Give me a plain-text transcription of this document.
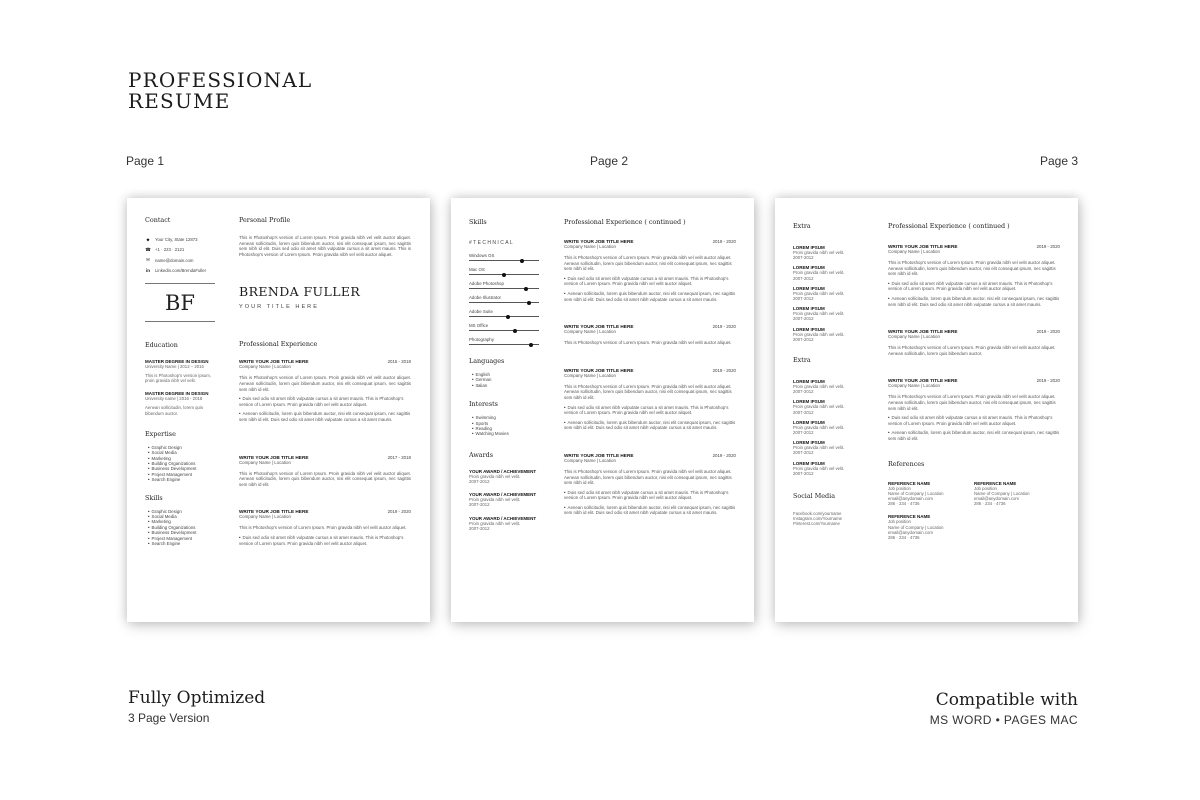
PROFESSIONAL
RESUME
Page 1	Page 2	Page 3
Fully Optimized
3 Page Version
Compatible with
MS WORD • PAGES MAC
Contact
⬥	Your City, State 12873
☎ +1 · 223 · 2121
✉ name@domain.com
in Linkedin.com/BrendaFuller
BF
Education
MASTER DEGREE IN DESIGN
University Name | 2012 – 2016
This is Photoshop's version ipsum, proin gravida nibh vel velit.
MASTER DEGREE IN DESIGN
University name | 2016 - 2018
Aenean sollicitudin, lorem quis bibendum auctor.
Expertise
• Graphic Design
• Social Media
• Marketing
• Building Organizations
• Business Development
• Project Management
• Search Engine
Skills
• Graphic Design
• Social Media
• Marketing
• Building Organizations
• Business Development
• Project Management
• Search Engine
Personal Profile
This is Photoshop's version of Lorem Ipsum. Proin gravida nibh vel velit auctor aliquet. Aenean sollicitudin, lorem quis bibendum auctor, nisi elit consequat ipsum, nec sagittis sem nibh id elit. Duis sed odio sit amet nibh vulputate cursus a sit amet mauris. This is Photoshop's version of Lorem Ipsum. Proin gravida nibh vel velit auctor aliquet.
BRENDA FULLER
YOUR TITLE HERE
Professional Experience
WRITE YOUR JOB TITLE HERE
Company Name | Location
2015 - 2018
This is Photoshop's version of Lorem Ipsum. Proin gravida nibh vel velit auctor aliquet. Aenean sollicitudin, lorem quis bibendum auctor, nisi elit consequat ipsum, nec sagittis sem nibh id elit.
• Duis sed odio sit amet nibh vulputate cursus a sit amet mauris. This is Photoshop's version of Lorem Ipsum. Proin gravida nibh vel velit auctor aliquet.
• Aenean sollicitudin, lorem quis bibendum auctor, nisi elit consequat ipsum, nec sagittis sem nibh id elit. Duis sed odio sit amet nibh vulputate cursus a sit amet mauris.
WRITE YOUR JOB TITLE HERE
Company Name | Location
2017 - 2018
This is Photoshop's version of Lorem Ipsum. Proin gravida nibh vel velit auctor aliquet. Aenean sollicitudin, lorem quis bibendum auctor, nisi elit consequat ipsum, nec sagittis sem nibh id elit.
WRITE YOUR JOB TITLE HERE
Company Name | Location
2019 - 2020
This is Photoshop's version of Lorem Ipsum. Proin gravida nibh vel velit auctor aliquet.
• Duis sed odio sit amet nibh vulputate cursus a sit amet mauris. This is Photoshop's version of Lorem Ipsum. Proin gravida nibh vel velit auctor aliquet.
Skills
#TECHNICAL
Windows OS
Mac OS
Adobe Photoshop
Adobe Illustrator
Adobe Suite
MS Office
Photography
Languages
• English
• German
• Italian
Interests
• Swimming
• Sports
• Reading
• Watching Movies
Awards
YOUR AWARD / ACHIEVEMENT
Proin gravida nibh vel velit.
2007-2012
YOUR AWARD / ACHIEVEMENT
Proin gravida nibh vel velit.
2007-2012
YOUR AWARD / ACHIEVEMENT
Proin gravida nibh vel velit.
2007-2012
Professional Experience ( continued )
WRITE YOUR JOB TITLE HERE
Company Name | Location
2019 - 2020
This is Photoshop's version of Lorem Ipsum. Proin gravida nibh vel velit auctor aliquet. Aenean sollicitudin, lorem quis bibendum auctor, nisi elit consequat ipsum, nec sagittis sem nibh id elit.
• Duis sed odio sit amet nibh vulputate cursus a sit amet mauris. This is Photoshop's version of Lorem Ipsum. Proin gravida nibh vel velit auctor aliquet.
• Aenean sollicitudin, lorem quis bibendum auctor, nisi elit consequat ipsum, nec sagittis sem nibh id elit. Duis sed odio sit amet nibh vulputate cursus a sit amet mauris.
WRITE YOUR JOB TITLE HERE
Company Name | Location
2019 - 2020
This is Photoshop's version of Lorem Ipsum. Proin gravida nibh vel velit auctor aliquet.
WRITE YOUR JOB TITLE HERE
Company Name | Location
2019 - 2020
This is Photoshop's version of Lorem Ipsum. Proin gravida nibh vel velit auctor aliquet. Aenean sollicitudin, lorem quis bibendum auctor, nisi elit consequat ipsum, nec sagittis sem nibh id elit.
• Duis sed odio sit amet nibh vulputate cursus a sit amet mauris. This is Photoshop's version of Lorem Ipsum. Proin gravida nibh vel velit auctor aliquet.
• Aenean sollicitudin, lorem quis bibendum auctor, nisi elit consequat ipsum, nec sagittis sem nibh id elit. Duis sed odio sit amet nibh vulputate cursus a sit amet mauris.
WRITE YOUR JOB TITLE HERE
Company Name | Location
2019 - 2020
This is Photoshop's version of Lorem Ipsum. Proin gravida nibh vel velit auctor aliquet. Aenean sollicitudin, lorem quis bibendum auctor, nisi elit consequat ipsum, nec sagittis sem nibh id elit.
• Duis sed odio sit amet nibh vulputate cursus a sit amet mauris. This is Photoshop's version of Lorem Ipsum. Proin gravida nibh vel velit auctor aliquet.
• Aenean sollicitudin, lorem quis bibendum auctor, nisi elit consequat ipsum, nec sagittis sem nibh id elit. Duis sed odio sit amet nibh vulputate cursus a sit amet mauris.
Extra
LOREM IPSUM
Proin gravida nibh vel velit.
2007-2012
LOREM IPSUM
Proin gravida nibh vel velit.
2007-2012
LOREM IPSUM
Proin gravida nibh vel velit.
2007-2012
LOREM IPSUM
Proin gravida nibh vel velit.
2007-2012
LOREM IPSUM
Proin gravida nibh vel velit.
2007-2012
Extra
LOREM IPSUM
Proin gravida nibh vel velit.
2007-2012
LOREM IPSUM
Proin gravida nibh vel velit.
2007-2012
LOREM IPSUM
Proin gravida nibh vel velit.
2007-2012
LOREM IPSUM
Proin gravida nibh vel velit.
2007-2012
LOREM IPSUM
Proin gravida nibh vel velit.
2007-2012
Social Media
Facebook.com/yourname
Instagram.com/Yourname
Pinterest.com/Yourname
Professional Experience ( continued )
WRITE YOUR JOB TITLE HERE
Company Name | Location
2019 - 2020
This is Photoshop's version of Lorem Ipsum. Proin gravida nibh vel velit auctor aliquet. Aenean sollicitudin, lorem quis bibendum auctor, nisi elit consequat ipsum, nec sagittis sem nibh id elit.
• Duis sed odio sit amet nibh vulputate cursus a sit amet mauris. This is Photoshop's version of Lorem Ipsum. Proin gravida nibh vel velit auctor aliquet.
• Aenean sollicitudin, lorem quis bibendum auctor, nisi elit consequat ipsum, nec sagittis sem nibh id elit. Duis sed odio sit amet nibh vulputate cursus a sit amet mauris.
WRITE YOUR JOB TITLE HERE
Company Name | Location
2019 - 2020
This is Photoshop's version of Lorem Ipsum. Proin gravida nibh vel velit auctor aliquet. Aenean sollicitudin, lorem quis bibendum auctor.
WRITE YOUR JOB TITLE HERE
Company Name | Location
2019 - 2020
This is Photoshop's version of Lorem Ipsum. Proin gravida nibh vel velit auctor aliquet. Aenean sollicitudin, lorem quis bibendum auctor, nisi elit consequat ipsum, nec sagittis sem nibh id elit.
• Duis sed odio sit amet nibh vulputate cursus a sit amet mauris. This is Photoshop's version of Lorem Ipsum. Proin gravida nibh vel velit auctor aliquet.
• Aenean sollicitudin, lorem quis bibendum auctor, nisi elit consequat ipsum, nec sagittis sem nibh id elit.
References
REFERENCE NAME
Job position
Name of Company | Location
email@anydomain.com
286 · 234 · 4736
REFERENCE NAME
Job position
Name of Company | Location
email@anydomain.com
286 · 234 · 4736
REFERENCE NAME
Job position
Name of Company | Location
email@anydomain.com
286 · 234 · 4736
